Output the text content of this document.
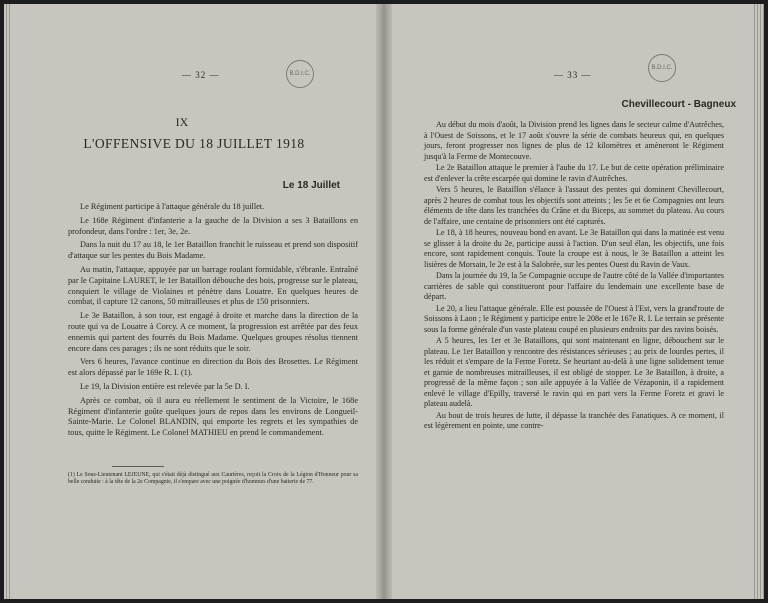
— 32 —	B.D.I.C.
IX
L'OFFENSIVE DU 18 JUILLET 1918
Le 18 Juillet

Le Régiment participe à l'attaque générale du 18 juillet.

Le 168e Régiment d'infanterie a la gauche de la Division a ses 3 Bataillons en profondeur, dans l'ordre : 1er, 3e, 2e.

Dans la nuit du 17 au 18, le 1er Bataillon franchit le ruisseau et prend son dispositif d'attaque sur les pentes du Bois Madame.

Au matin, l'attaque, appuyée par un barrage roulant formidable, s'ébranle. Entraîné par le Capitaine LAURET, le 1er Bataillon débouche des bois, progresse sur le plateau, conquiert le village de Violaines et pénètre dans Louatre. En quelques heures de combat, il capture 12 canons, 50 mitrailleuses et plus de 150 prisonniers.

Le 3e Bataillon, à son tour, est engagé à droite et marche dans la direction de la route qui va de Louatre à Corcy. A ce moment, la progression est arrêtée par des feux ennemis qui partent des fourrés du Bois Madame. Quelques groupes résolus tiennent encore dans ces parages ; ils ne sont réduits que le soir.

Vers 6 heures, l'avance continue en direction du Bois des Brosettes. Le Régiment est alors dépassé par le 169e R. I. (1).

Le 19, la Division entière est relevée par la 5e D. I.

Après ce combat, où il aura eu réellement le sentiment de la Victoire, le 168e Régiment d'infanterie goûte quelques jours de repos dans les environs de Longueil-Sainte-Marie. Le Colonel BLANDIN, qui emporte les regrets et les sympathies de tous, quitte le Régiment. Le Colonel MATHIEU en prend le commandement.

(1) Le Sous-Lieutenant LEJEUNE, qui s'était déjà distingué aux Caurières, reçoit la Croix de la Légion d'Honneur pour sa belle conduite : à la tête de la 2e Compagnie, il s'empare avec une poignée d'hommes d'une batterie de 77.
— 33 —
B.D.I.C.
Chevillecourt - Bagneux

Au début du mois d'août, la Division prend les lignes dans le secteur calme d'Autrêches, à l'Ouest de Soissons, et le 17 août s'ouvre la série de combats heureux qui, en quelques jours, feront progresser nos lignes de plus de 12 kilomètres et amèneront le Régiment jusqu'à la Ferme de Montecouve.

Le 2e Bataillon attaque le premier à l'aube du 17. Le but de cette opération préliminaire est d'enlever la crête escarpée qui domine le ravin d'Autrêches.

Vers 5 heures, le Bataillon s'élance à l'assaut des pentes qui dominent Chevillecourt, après 2 heures de combat tous les objectifs sont atteints ; les 5e et 6e Compagnies ont leurs éléments de tête dans les tranchées du Crâne et du Biceps, au sommet du plateau. Au cours de l'affaire, une centaine de prisonniers ont été capturés.

Le 18, à 18 heures, nouveau bond en avant. Le 3e Bataillon qui dans la matinée est venu se glisser à la droite du 2e, participe aussi à l'action. D'un seul élan, les objectifs, une fois encore, sont rapidement conquis. Toute la croupe est à nous, le 3e Bataillon a atteint les lisières de Morsain, le 2e est à la Salobrée, sur les pentes Ouest du Ravin de Vaux.

Dans la journée du 19, la 5e Compagnie occupe de l'autre côté de la Vallée d'importantes carrières de sable qui constitueront pour l'affaire du lendemain une excellente base de départ.

Le 20, a lieu l'attaque générale. Elle est poussée de l'Ouest à l'Est, vers la grand'route de Soissons à Laon ; le Régiment y participe entre le 208e et le 167e R. I. Le terrain se présente sous la forme générale d'un vaste plateau coupé en plusieurs endroits par des ravins boisés.

A 5 heures, les 1er et 3e Bataillons, qui sont maintenant en ligne, débouchent sur le plateau. Le 1er Bataillon y rencontre des résistances sérieuses ; au prix de lourdes pertes, il les réduit et s'empare de la Ferme Foretz. Se heurtant au-delà à une ligne solidement tenue et garnie de nombreuses mitrailleuses, il est obligé de stopper. Le 3e Bataillon, à droite, a progressé de la même façon ; son aile appuyée à la Vallée de Vézaponin, il a rapidement enlevé le village d'Epilly, traversé le ravin qui en part vers la Ferme Foretz et gravi le plateau audelà.

Au bout de trois heures de lutte, il dépasse la tranchée des Fanatiques. A ce moment, il est légèrement en pointe, une contre-
